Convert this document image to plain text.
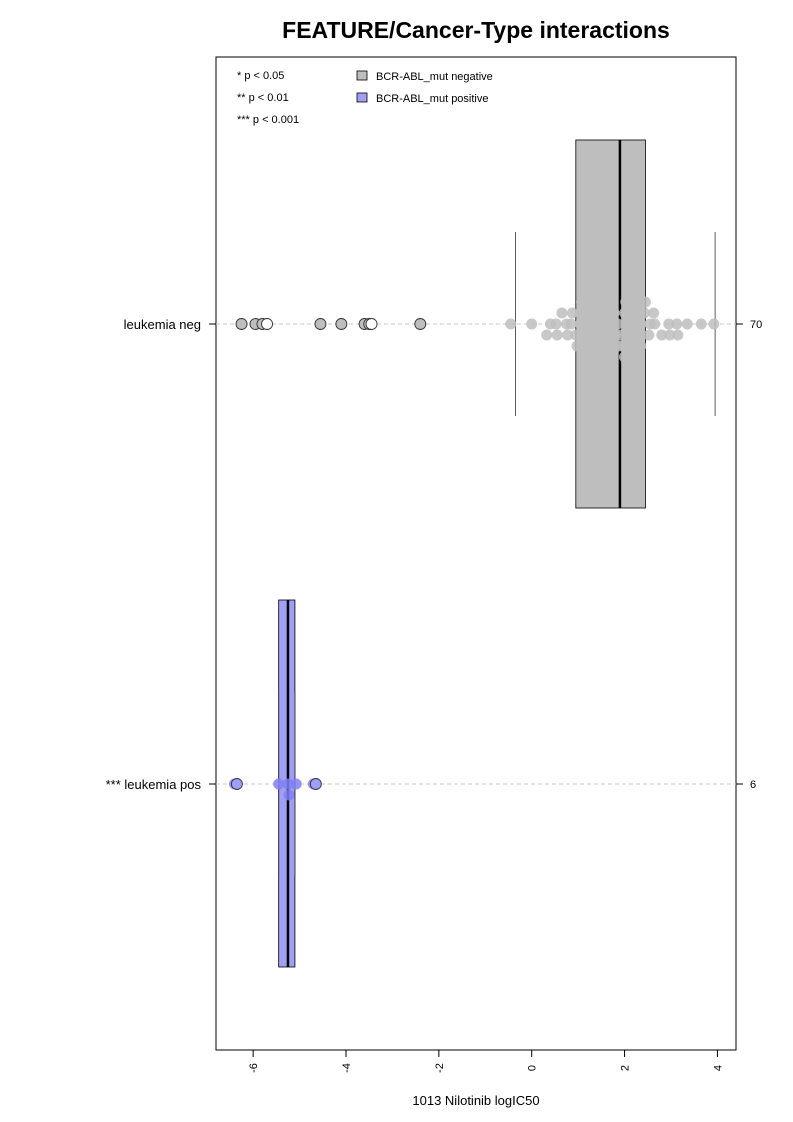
FEATURE/Cancer-Type interactions
* p < 0.05
** p < 0.01
*** p < 0.001
BCR-ABL_mut negative
BCR-ABL_mut positive
-6	-4	-2	0	2	4
leukemia neg	70
*** leukemia pos	6
1013 Nilotinib logIC50
